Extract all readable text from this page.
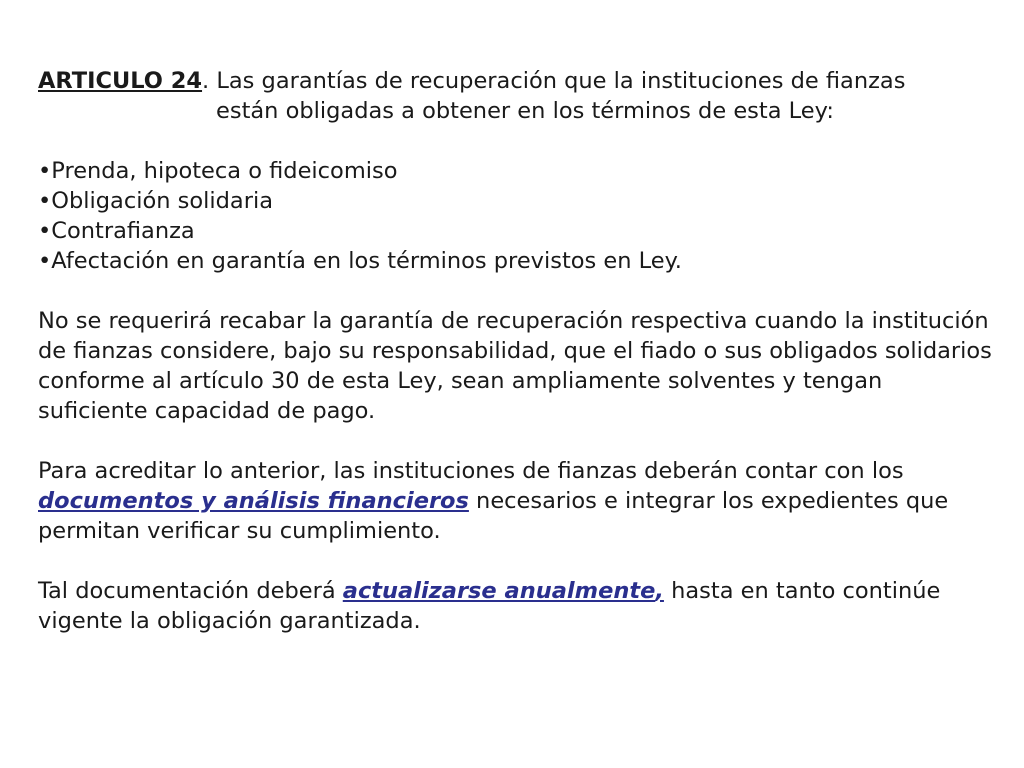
ARTICULO 24. Las garantías de recuperación que la instituciones de fianzas

están obligadas a obtener en los términos de esta Ley:

•Prenda, hipoteca o fideicomiso
•Obligación solidaria
•Contrafianza
•Afectación en garantía en los términos previstos en Ley.

No se requerirá recabar la garantía de recuperación respectiva cuando la institución de fianzas considere, bajo su responsabilidad, que el fiado o sus obligados solidarios conforme al artículo 30 de esta Ley, sean ampliamente solventes y tengan suficiente capacidad de pago.

Para acreditar lo anterior, las instituciones de fianzas deberán contar con los documentos y análisis financieros necesarios e integrar los expedientes que permitan verificar su cumplimiento.

Tal documentación deberá actualizarse anualmente, hasta en tanto continúe vigente la obligación garantizada.
